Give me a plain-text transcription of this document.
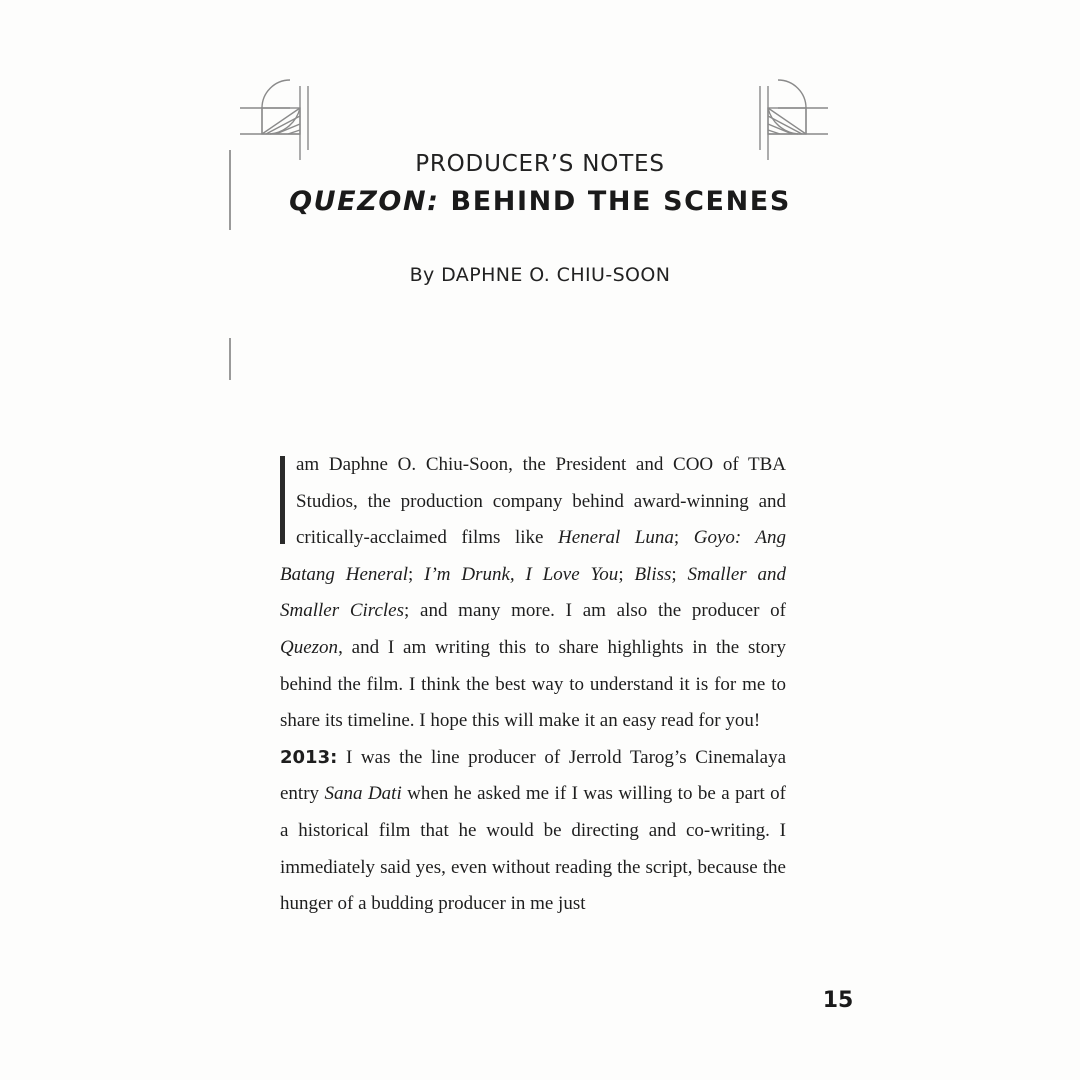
PRODUCER’S NOTES
QUEZON: BEHIND THE SCENES
By DAPHNE O. CHIU-SOON

am Daphne O. Chiu-Soon, the President and COO of TBA Studios, the production company behind award-winning and critically-acclaimed films like Heneral Luna; Goyo: Ang Batang Heneral; I’m Drunk, I Love You; Bliss; Smaller and Smaller Circles; and many more. I am also the producer of Quezon, and I am writing this to share highlights in the story behind the film. I think the best way to understand it is for me to share its timeline. I hope this will make it an easy read for you!

2013: I was the line producer of Jerrold Tarog’s Cinemalaya entry Sana Dati when he asked me if I was willing to be a part of a historical film that he would be directing and co-writing. I immediately said yes, even without reading the script, because the hunger of a budding producer in me just

15
